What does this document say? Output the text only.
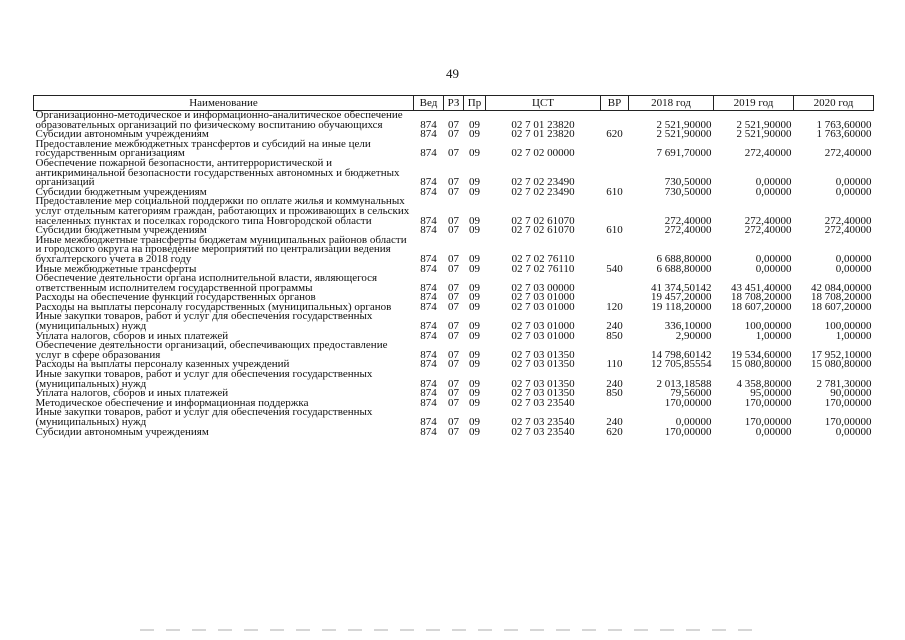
49
Наименование	Вед	РЗ	Пр	ЦСТ	ВР	2018 год	2019 год	2020 год
Организационно-методическое и информационно-аналитическое обеспечение образовательных организаций по физическому воспитанию обучающихся	874	07	09	02 7 01 23820		2 521,90000	2 521,90000	1 763,60000
Субсидии автономным учреждениям	874	07	09	02 7 01 23820	620	2 521,90000	2 521,90000	1 763,60000
Предоставление межбюджетных трансфертов и субсидий на иные цели государственным организациям	874	07	09	02 7 02 00000		7 691,70000	272,40000	272,40000
Обеспечение пожарной безопасности, антитеррористической и антикриминальной безопасности государственных автономных и бюджетных организаций	874	07	09	02 7 02 23490		730,50000	0,00000	0,00000
Субсидии бюджетным учреждениям	874	07	09	02 7 02 23490	610	730,50000	0,00000	0,00000
Предоставление мер социальной поддержки по оплате жилья и коммунальных услуг отдельным категориям граждан, работающих и проживающих в сельских населенных пунктах и поселках городского типа Новгородской области	874	07	09	02 7 02 61070		272,40000	272,40000	272,40000
Субсидии бюджетным учреждениям	874	07	09	02 7 02 61070	610	272,40000	272,40000	272,40000
Иные межбюджетные трансферты бюджетам муниципальных районов области и городского округа на проведение мероприятий по централизации ведения бухгалтерского учета в 2018 году	874	07	09	02 7 02 76110		6 688,80000	0,00000	0,00000
Иные межбюджетные трансферты	874	07	09	02 7 02 76110	540	6 688,80000	0,00000	0,00000
Обеспечение деятельности органа исполнительной власти, являющегося ответственным исполнителем государственной программы	874	07	09	02 7 03 00000		41 374,50142	43 451,40000	42 084,00000
Расходы на обеспечение функций государственных органов	874	07	09	02 7 03 01000		19 457,20000	18 708,20000	18 708,20000
Расходы на выплаты персоналу государственных (муниципальных) органов	874	07	09	02 7 03 01000	120	19 118,20000	18 607,20000	18 607,20000
Иные закупки товаров, работ и услуг для обеспечения государственных (муниципальных) нужд	874	07	09	02 7 03 01000	240	336,10000	100,00000	100,00000
Уплата налогов, сборов и иных платежей	874	07	09	02 7 03 01000	850	2,90000	1,00000	1,00000
Обеспечение деятельности организаций, обеспечивающих предоставление услуг в сфере образования	874	07	09	02 7 03 01350		14 798,60142	19 534,60000	17 952,10000
Расходы на выплаты персоналу казенных учреждений	874	07	09	02 7 03 01350	110	12 705,85554	15 080,80000	15 080,80000
Иные закупки товаров, работ и услуг для обеспечения государственных (муниципальных) нужд	874	07	09	02 7 03 01350	240	2 013,18588	4 358,80000	2 781,30000
Уплата налогов, сборов и иных платежей	874	07	09	02 7 03 01350	850	79,56000	95,00000	90,00000
Методическое обеспечение и информационная поддержка	874	07	09	02 7 03 23540		170,00000	170,00000	170,00000
Иные закупки товаров, работ и услуг для обеспечения государственных (муниципальных) нужд	874	07	09	02 7 03 23540	240	0,00000	170,00000	170,00000
Субсидии автономным учреждениям	874	07	09	02 7 03 23540	620	170,00000	0,00000	0,00000
